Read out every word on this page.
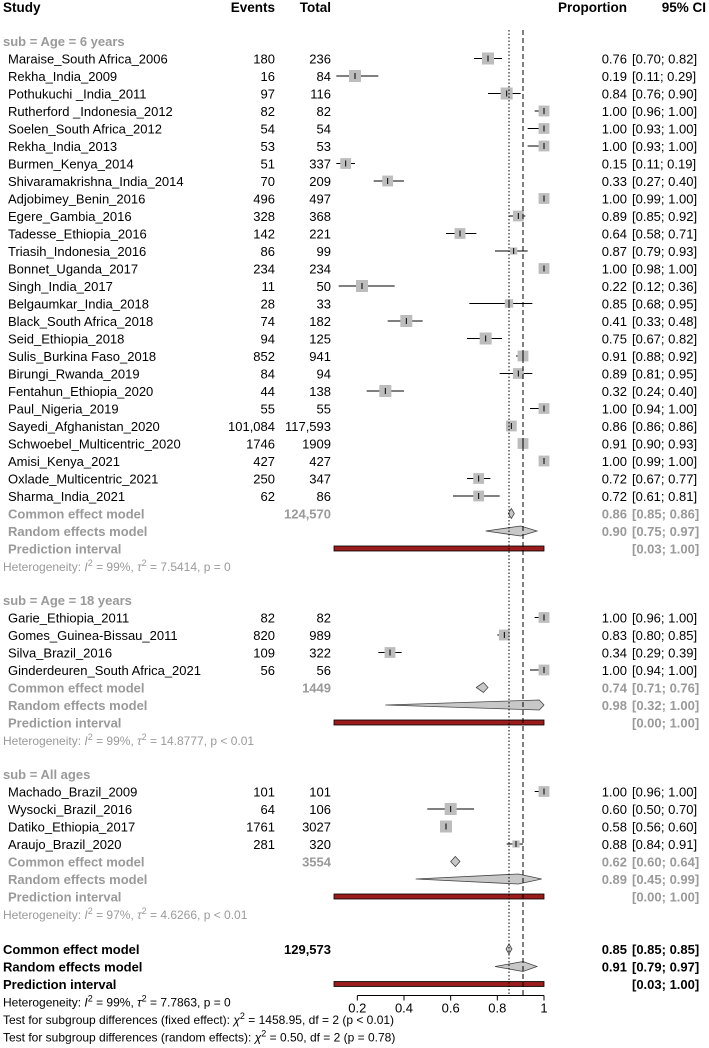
Study	Events Total	Proportion	95% CI
sub = Age = 6 years
Maraise_South Africa_2006	180	236	0.76 [0.70; 0.82]
Rekha_India_2009	16	84	0.19 [0.11; 0.29]
Pothukuchi _India_2011	97	116	0.84 [0.76; 0.90]
Rutherford _Indonesia_2012	82	82	1.00 [0.96; 1.00]
Soelen_South Africa_2012	54	54	1.00 [0.93; 1.00]
Rekha_India_2013	53	53	1.00 [0.93; 1.00]
Burmen_Kenya_2014	51	337	0.15 [0.11; 0.19]
Shivaramakrishna_India_2014	70	209	0.33 [0.27; 0.40]
Adjobimey_Benin_2016	496	497	1.00 [0.99; 1.00]
Egere_Gambia_2016	328	368	0.89 [0.85; 0.92]
Tadesse_Ethiopia_2016	142	221	0.64 [0.58; 0.71]
Triasih_Indonesia_2016	86	99	0.87 [0.79; 0.93]
Bonnet_Uganda_2017	234	234	1.00 [0.98; 1.00]
Singh_India_2017	11	50	0.22 [0.12; 0.36]
Belgaumkar_India_2018	28	33	0.85 [0.68; 0.95]
Black_South Africa_2018	74	182	0.41 [0.33; 0.48]
Seid_Ethiopia_2018	94	125	0.75 [0.67; 0.82]
Sulis_Burkina Faso_2018	852	941	0.91 [0.88; 0.92]
Birungi_Rwanda_2019	84	94	0.89 [0.81; 0.95]
Fentahun_Ethiopia_2020	44	138	0.32 [0.24; 0.40]
Paul_Nigeria_2019	55	55	1.00 [0.94; 1.00]
Sayedi_Afghanistan_2020	101,084 117,593	0.86 [0.86; 0.86]
Schwoebel_Multicentric_2020	1746 1909	0.91 [0.90; 0.93]
Amisi_Kenya_2021	427	427	1.00 [0.99; 1.00]
Oxlade_Multicentric_2021	250	347	0.72 [0.67; 0.77]
Sharma_India_2021	62	86	0.72 [0.61; 0.81]
Common effect model	124,570	0.86 [0.85; 0.86]
Random effects model	0.90 [0.75; 0.97]
Prediction interval	[0.03; 1.00]
Heterogeneity: $I^2 = 99\%$, $\tau^2 = 7.5414$, p = 0
sub = Age = 18 years
Garie_Ethiopia_2011	82	82	1.00 [0.96; 1.00]
Gomes_Guinea-Bissau_2011	820	989	0.83 [0.80; 0.85]
Silva_Brazil_2016	109	322	0.34 [0.29; 0.39]
Ginderdeuren_South Africa_2021	56	56	1.00 [0.94; 1.00]
Common effect model	1449	0.74 [0.71; 0.76]
Random effects model	0.98 [0.32; 1.00]
Prediction interval	[0.00; 1.00]
Heterogeneity: $I^2 = 99\%$, $\tau^2 = 14.8777$, p < 0.01
sub = All ages
Machado_Brazil_2009	101	101	1.00 [0.96; 1.00]
Wysocki_Brazil_2016	64	106	0.60 [0.50; 0.70]
Datiko_Ethiopia_2017	1761 3027	0.58 [0.56; 0.60]
Araujo_Brazil_2020	281	320	0.88 [0.84; 0.91]
Common effect model	3554	0.62 [0.60; 0.64]
Random effects model	0.89 [0.45; 0.99]
Prediction interval	[0.00; 1.00]
Heterogeneity: $I^2 = 97\%$, $\tau^2 = 4.6266$, p < 0.01
Common effect model	129,573	0.85 [0.85; 0.85]
Random effects model	0.91 [0.79; 0.97]
Prediction interval	[0.03; 1.00]
0.2 0.4 0.6 0.8	1
Heterogeneity: $I^2 = 99\%$, $\tau^2 = 7.7863$, p = 0
Test for subgroup differences (fixed effect): $\chi^2 = 1458.95$, df = 2 (p < 0.01)
Test for subgroup differences (random effects): $\chi^2 = 0.50$, df = 2 (p = 0.78)
